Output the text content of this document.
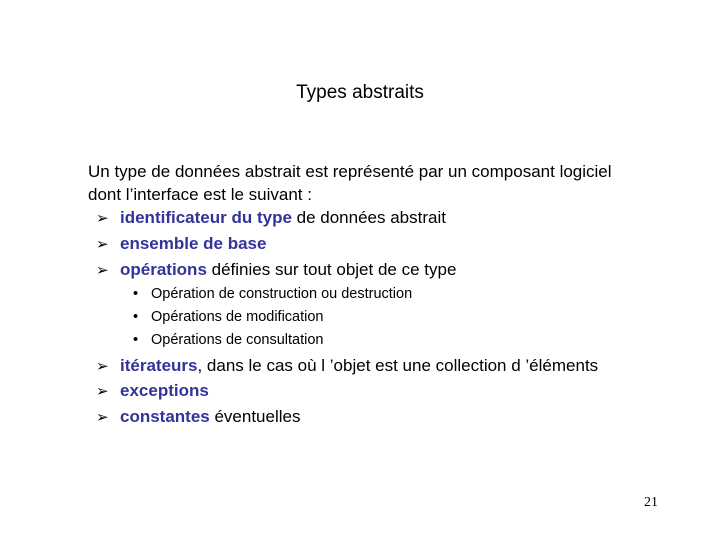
Types abstraits
Un type de données abstrait est représenté par un composant logiciel
dont l’interface est le suivant :
➢ identificateur du type de données abstrait
➢ ensemble de base
➢ opérations définies sur tout objet de ce type
• Opération de construction ou destruction
• Opérations de modification
• Opérations de consultation
➢ itérateurs, dans le cas où l ’objet est une collection d ’éléments
➢ exceptions
➢ constantes éventuelles
21
